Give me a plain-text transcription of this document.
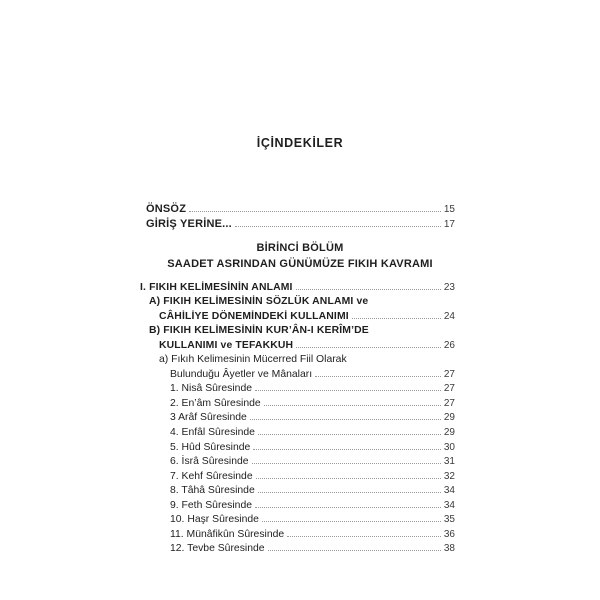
İÇİNDEKİLER
ÖNSÖZ	15
GİRİŞ YERİNE...	17
BİRİNCİ BÖLÜM
SAADET ASRINDAN GÜNÜMÜZE FIKIH KAVRAMI
I. FIKIH KELİMESİNİN ANLAMI	23
A) FIKIH KELİMESİNİN SÖZLÜK ANLAMI ve
CÂHİLİYE DÖNEMİNDEKİ KULLANIMI	24
B) FIKIH KELİMESİNİN KUR’ÂN-I KERÎM’DE
KULLANIMI ve TEFAKKUH	26
a) Fıkıh Kelimesinin Mücerred Fiil Olarak
Bulunduğu Âyetler ve Mânaları	27
1. Nisâ Sûresinde	27
2. En’âm Sûresinde	27
3 Arâf Sûresinde	29
4. Enfâl Sûresinde	29
5. Hûd Sûresinde	30
6. İsrâ Sûresinde	31
7. Kehf Sûresinde	32
8. Tâhâ Sûresinde	34
9. Feth Sûresinde	34
10. Haşr Sûresinde	35
11. Münâfikûn Sûresinde	36
12. Tevbe Sûresinde	38
